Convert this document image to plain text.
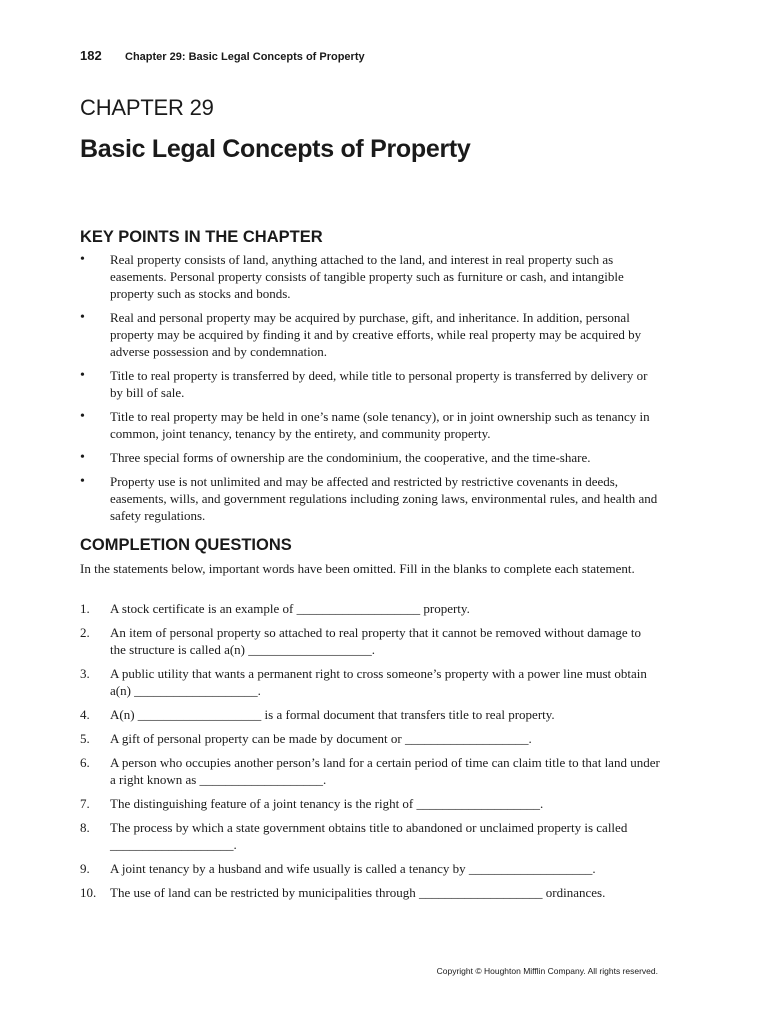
182	Chapter 29: Basic Legal Concepts of Property
CHAPTER 29
Basic Legal Concepts of Property
KEY POINTS IN THE CHAPTER
•	Real property consists of land, anything attached to the land, and interest in real property such as easements. Personal property consists of tangible property such as furniture or cash, and intangible property such as stocks and bonds.
•	Real and personal property may be acquired by purchase, gift, and inheritance. In addition, personal property may be acquired by finding it and by creative efforts, while real property may be acquired by adverse possession and by condemnation.
•	Title to real property is transferred by deed, while title to personal property is transferred by delivery or by bill of sale.
•	Title to real property may be held in one’s name (sole tenancy), or in joint ownership such as tenancy in common, joint tenancy, tenancy by the entirety, and community property.
•	Three special forms of ownership are the condominium, the cooperative, and the time-share.
•	Property use is not unlimited and may be affected and restricted by restrictive covenants in deeds, easements, wills, and government regulations including zoning laws, environmental rules, and health and safety regulations.
COMPLETION QUESTIONS
In the statements below, important words have been omitted. Fill in the blanks to complete each statement.
1.	A stock certificate is an example of ___________________ property.
2.	An item of personal property so attached to real property that it cannot be removed without damage to the structure is called a(n) ___________________.
3.	A public utility that wants a permanent right to cross someone’s property with a power line must obtain a(n) ___________________.
4.	A(n) ___________________ is a formal document that transfers title to real property.
5.	A gift of personal property can be made by document or ___________________.
6.	A person who occupies another person’s land for a certain period of time can claim title to that land under a right known as ___________________.
7.	The distinguishing feature of a joint tenancy is the right of ___________________.
8.	The process by which a state government obtains title to abandoned or unclaimed property is called ___________________.
9.	A joint tenancy by a husband and wife usually is called a tenancy by ___________________.
10.	The use of land can be restricted by municipalities through ___________________ ordinances.
Copyright © Houghton Mifflin Company. All rights reserved.
